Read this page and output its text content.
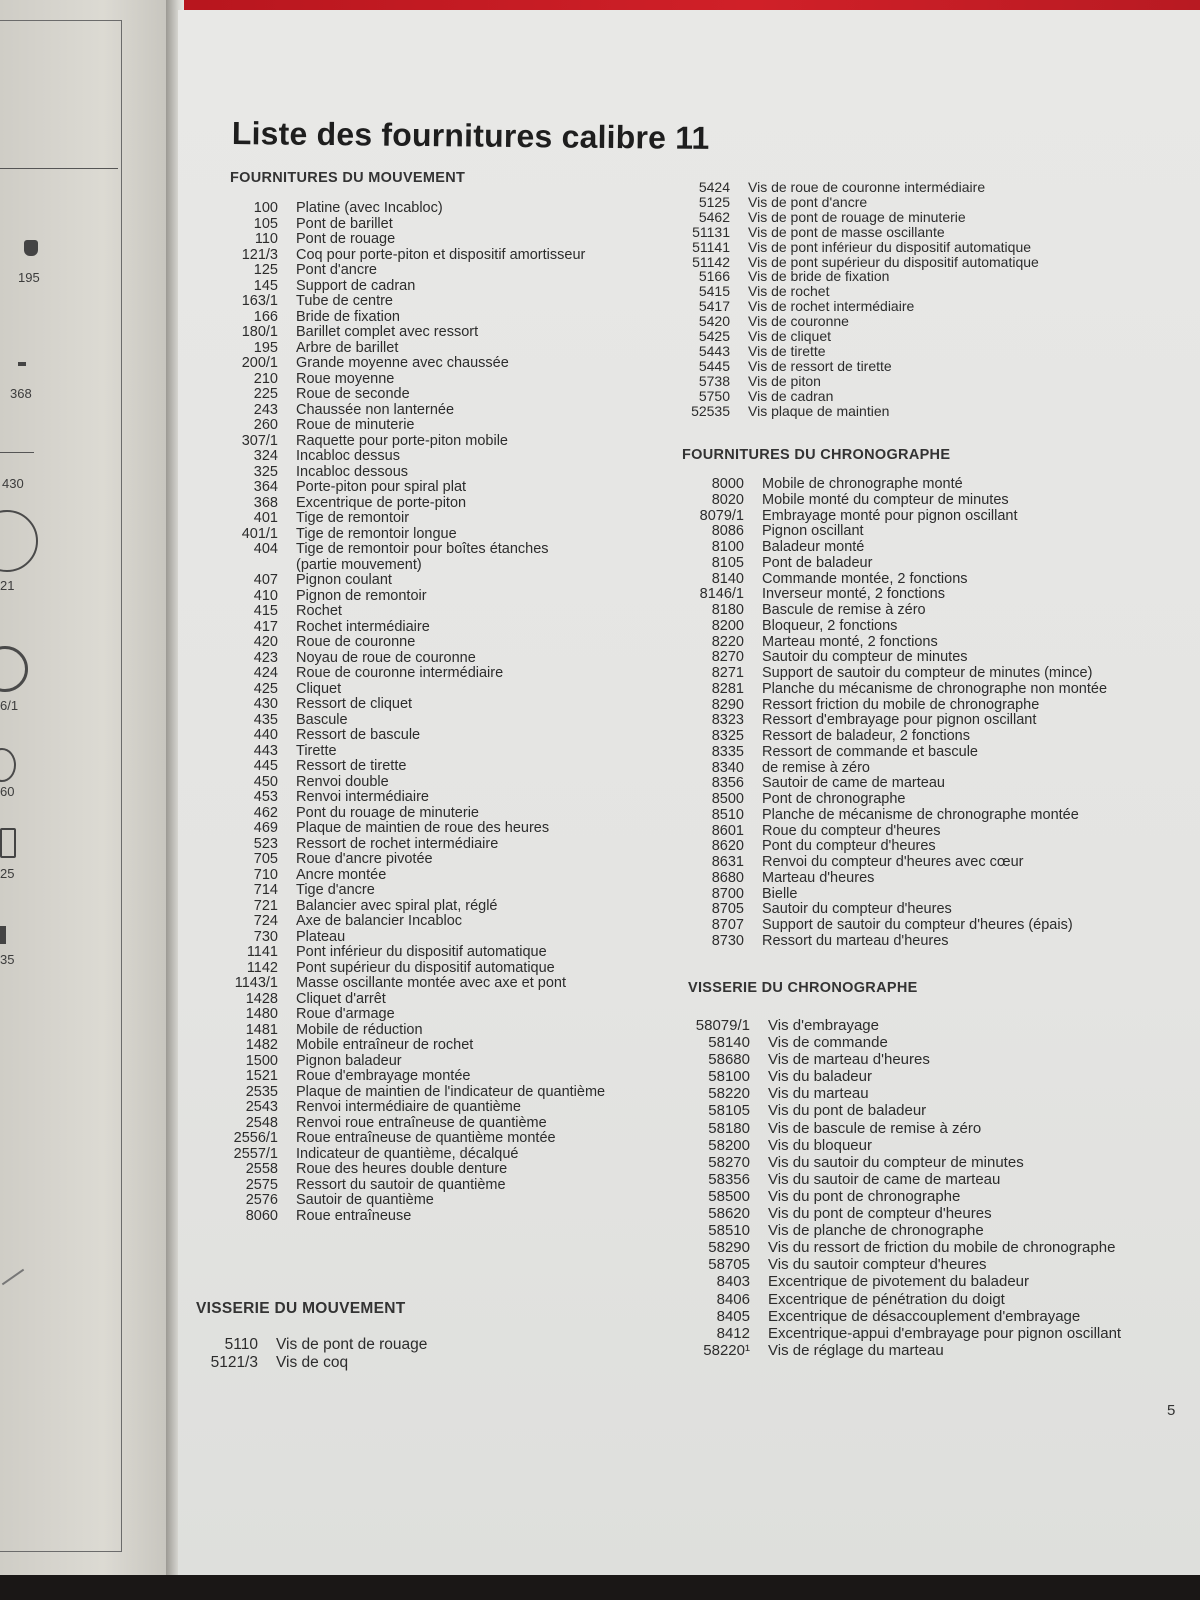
195
368
430
21
6/1
60
25
35
Liste des fournitures calibre 11
FOURNITURES DU MOUVEMENT
100	Platine (avec Incabloc)
105	Pont de barillet
110	Pont de rouage
121/3	Coq pour porte-piton et dispositif amortisseur
125	Pont d'ancre
145	Support de cadran
163/1	Tube de centre
166	Bride de fixation
180/1	Barillet complet avec ressort
195	Arbre de barillet
200/1	Grande moyenne avec chaussée
210	Roue moyenne
225	Roue de seconde
243	Chaussée non lanternée
260	Roue de minuterie
307/1	Raquette pour porte-piton mobile
324	Incabloc dessus
325	Incabloc dessous
364	Porte-piton pour spiral plat
368	Excentrique de porte-piton
401	Tige de remontoir
401/1	Tige de remontoir longue
404	Tige de remontoir pour boîtes étanches
(partie mouvement)
407	Pignon coulant
410	Pignon de remontoir
415	Rochet
417	Rochet intermédiaire
420	Roue de couronne
423	Noyau de roue de couronne
424	Roue de couronne intermédiaire
425	Cliquet
430	Ressort de cliquet
435	Bascule
440	Ressort de bascule
443	Tirette
445	Ressort de tirette
450	Renvoi double
453	Renvoi intermédiaire
462	Pont du rouage de minuterie
469	Plaque de maintien de roue des heures
523	Ressort de rochet intermédiaire
705	Roue d'ancre pivotée
710	Ancre montée
714	Tige d'ancre
721	Balancier avec spiral plat, réglé
724	Axe de balancier Incabloc
730	Plateau
1141	Pont inférieur du dispositif automatique
1142	Pont supérieur du dispositif automatique
1143/1	Masse oscillante montée avec axe et pont
1428	Cliquet d'arrêt
1480	Roue d'armage
1481	Mobile de réduction
1482	Mobile entraîneur de rochet
1500	Pignon baladeur
1521	Roue d'embrayage montée
2535	Plaque de maintien de l'indicateur de quantième
2543	Renvoi intermédiaire de quantième
2548	Renvoi roue entraîneuse de quantième
2556/1	Roue entraîneuse de quantième montée
2557/1	Indicateur de quantième, décalqué
2558	Roue des heures double denture
2575	Ressort du sautoir de quantième
2576	Sautoir de quantième
8060	Roue entraîneuse
VISSERIE DU MOUVEMENT
5110	Vis de pont de rouage
5121/3	Vis de coq
5424	Vis de roue de couronne intermédiaire
5125	Vis de pont d'ancre
5462	Vis de pont de rouage de minuterie
51131	Vis de pont de masse oscillante
51141	Vis de pont inférieur du dispositif automatique
51142	Vis de pont supérieur du dispositif automatique
5166	Vis de bride de fixation
5415	Vis de rochet
5417	Vis de rochet intermédiaire
5420	Vis de couronne
5425	Vis de cliquet
5443	Vis de tirette
5445	Vis de ressort de tirette
5738	Vis de piton
5750	Vis de cadran
52535	Vis plaque de maintien
FOURNITURES DU CHRONOGRAPHE
8000	Mobile de chronographe monté
8020	Mobile monté du compteur de minutes
8079/1	Embrayage monté pour pignon oscillant
8086	Pignon oscillant
8100	Baladeur monté
8105	Pont de baladeur
8140	Commande montée, 2 fonctions
8146/1	Inverseur monté, 2 fonctions
8180	Bascule de remise à zéro
8200	Bloqueur, 2 fonctions
8220	Marteau monté, 2 fonctions
8270	Sautoir du compteur de minutes
8271	Support de sautoir du compteur de minutes (mince)
8281	Planche du mécanisme de chronographe non montée
8290	Ressort friction du mobile de chronographe
8323	Ressort d'embrayage pour pignon oscillant
8325	Ressort de baladeur, 2 fonctions
8335	Ressort de commande et bascule
8340	de remise à zéro
8356	Sautoir de came de marteau
8500	Pont de chronographe
8510	Planche de mécanisme de chronographe montée
8601	Roue du compteur d'heures
8620	Pont du compteur d'heures
8631	Renvoi du compteur d'heures avec cœur
8680	Marteau d'heures
8700	Bielle
8705	Sautoir du compteur d'heures
8707	Support de sautoir du compteur d'heures (épais)
8730	Ressort du marteau d'heures
VISSERIE DU CHRONOGRAPHE
58079/1	Vis d'embrayage
58140	Vis de commande
58680	Vis de marteau d'heures
58100	Vis du baladeur
58220	Vis du marteau
58105	Vis du pont de baladeur
58180	Vis de bascule de remise à zéro
58200	Vis du bloqueur
58270	Vis du sautoir du compteur de minutes
58356	Vis du sautoir de came de marteau
58500	Vis du pont de chronographe
58620	Vis du pont de compteur d'heures
58510	Vis de planche de chronographe
58290	Vis du ressort de friction du mobile de chronographe
58705	Vis du sautoir compteur d'heures
8403	Excentrique de pivotement du baladeur
8406	Excentrique de pénétration du doigt
8405	Excentrique de désaccouplement d'embrayage
8412	Excentrique-appui d'embrayage pour pignon oscillant
58220¹	Vis de réglage du marteau
5
